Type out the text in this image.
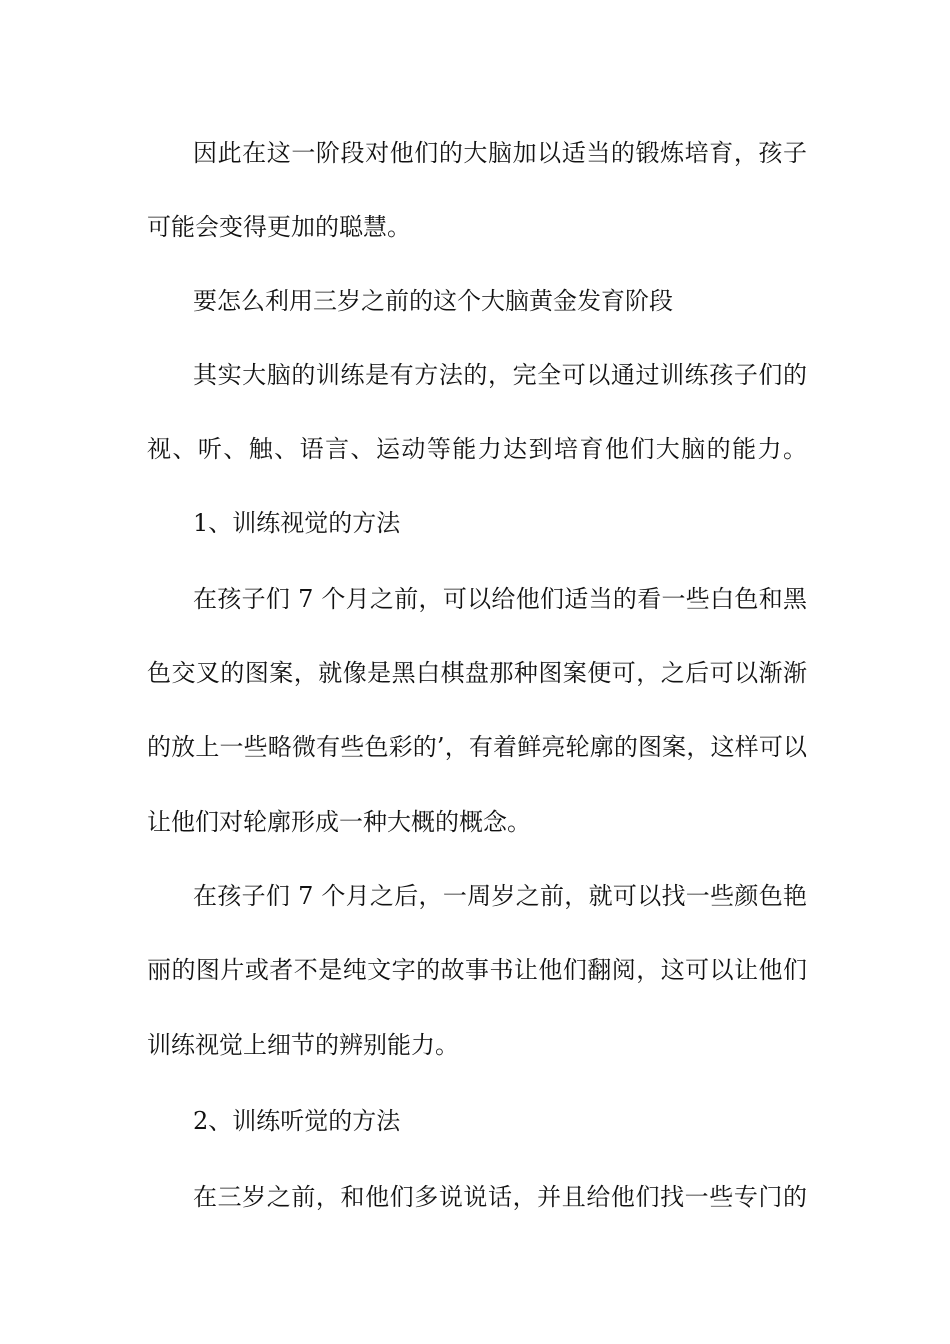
因此在这一阶段对他们的大脑加以适当的锻炼培育，孩子

可能会变得更加的聪慧。

要怎么利用三岁之前的这个大脑黄金发育阶段

其实大脑的训练是有方法的，完全可以通过训练孩子们的

视、听、触、语言、运动等能力达到培育他们大脑的能力。

1、训练视觉的方法

在孩子们 7 个月之前，可以给他们适当的看一些白色和黑

色交叉的图案，就像是黑白棋盘那种图案便可，之后可以渐渐

的放上一些略微有些色彩的’，有着鲜亮轮廓的图案，这样可以

让他们对轮廓形成一种大概的概念。

在孩子们 7 个月之后，一周岁之前，就可以找一些颜色艳

丽的图片或者不是纯文字的故事书让他们翻阅，这可以让他们

训练视觉上细节的辨别能力。

2、训练听觉的方法

在三岁之前，和他们多说说话，并且给他们找一些专门的
